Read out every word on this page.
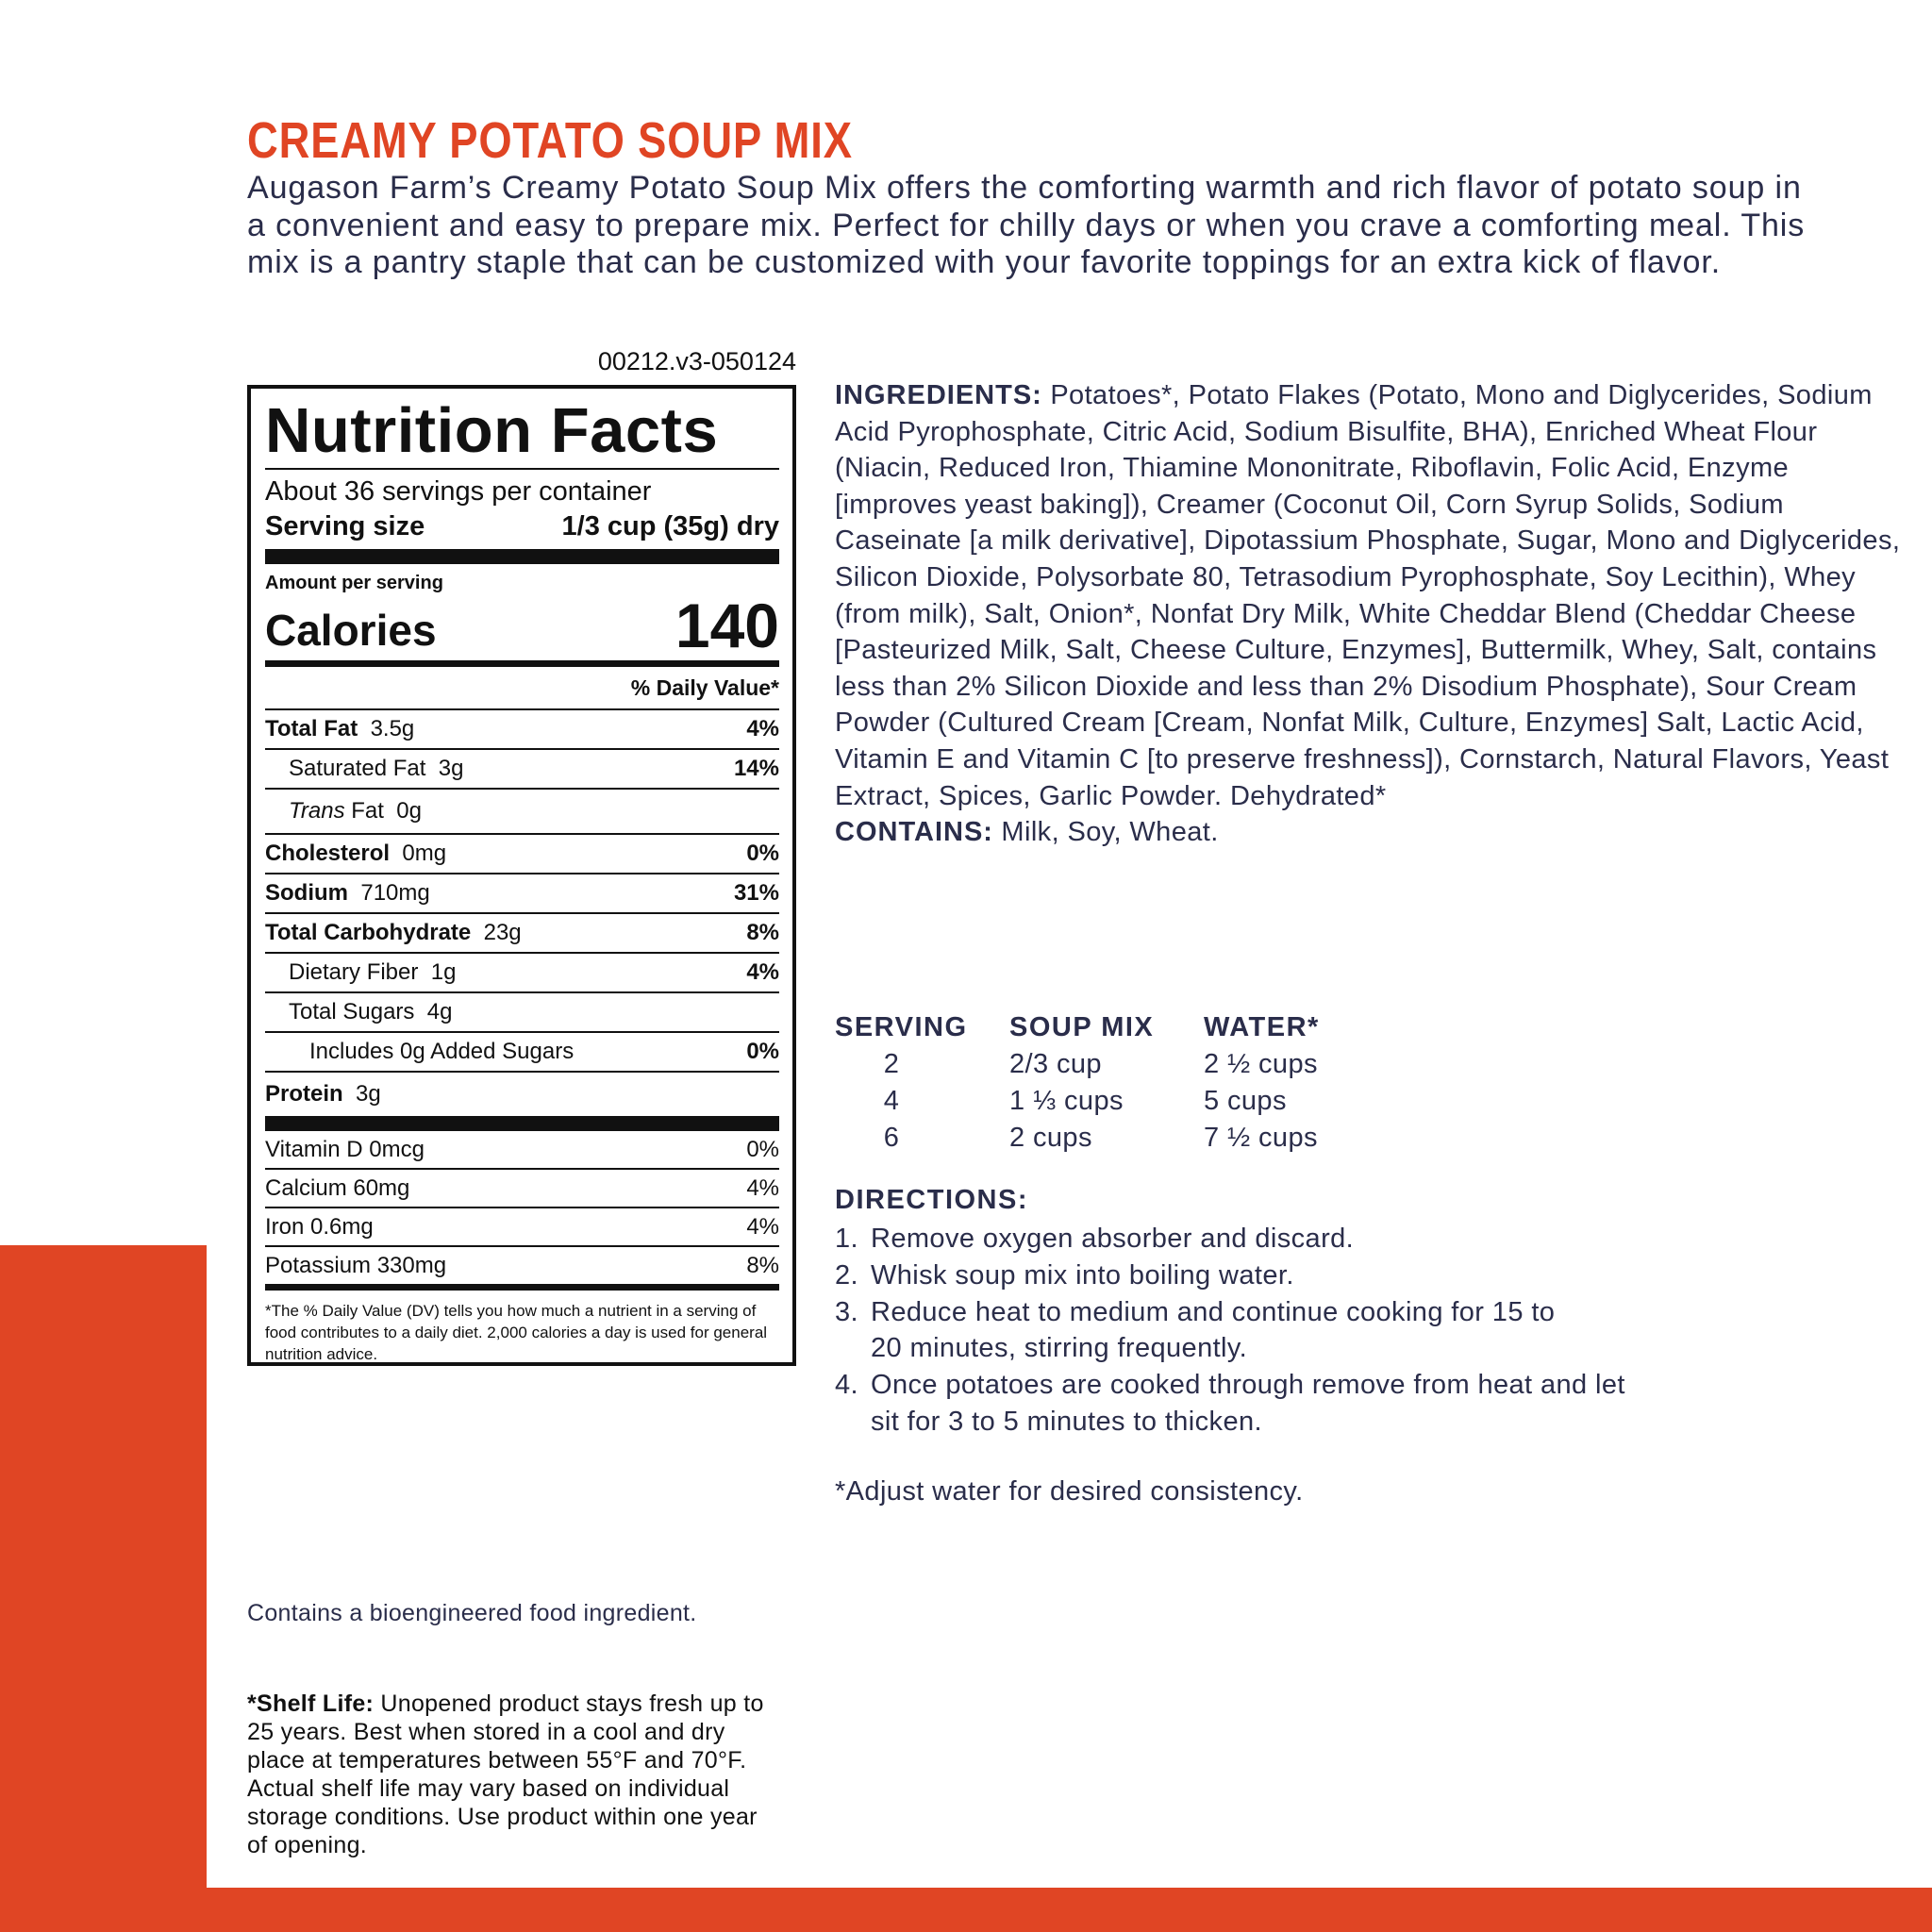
CREAMY POTATO SOUP MIX

Augason Farm’s Creamy Potato Soup Mix offers the comforting warmth and rich flavor of potato soup in a convenient and easy to prepare mix. Perfect for chilly days or when you crave a comforting meal. This mix is a pantry staple that can be customized with your favorite toppings for an extra kick of flavor.

00212.v3-050124
Nutrition Facts
About 36 servings per container
Serving size	1/3 cup (35g) dry
Amount per serving
Calories	140
% Daily Value*
Total Fat 3.5g	4%
Saturated Fat 3g	14%
Trans Fat 0g
Cholesterol 0mg	0%
Sodium 710mg	31%
Total Carbohydrate 23g	8%
Dietary Fiber 1g	4%
Total Sugars 4g
Includes 0g Added Sugars	0%
Protein 3g
Vitamin D 0mcg	0%
Calcium 60mg	4%
Iron 0.6mg	4%
Potassium 330mg	8%
*The % Daily Value (DV) tells you how much a nutrient in a serving of food contributes to a daily diet. 2,000 calories a day is used for general nutrition advice.

INGREDIENTS: Potatoes*, Potato Flakes (Potato, Mono and Diglycerides, Sodium Acid Pyrophosphate, Citric Acid, Sodium Bisulfite, BHA), Enriched Wheat Flour (Niacin, Reduced Iron, Thiamine Mononitrate, Riboflavin, Folic Acid, Enzyme [improves yeast baking]), Creamer (Coconut Oil, Corn Syrup Solids, Sodium Caseinate [a milk derivative], Dipotassium Phosphate, Sugar, Mono and Diglycerides, Silicon Dioxide, Polysorbate 80, Tetrasodium Pyrophosphate, Soy Lecithin), Whey (from milk), Salt, Onion*, Nonfat Dry Milk, White Cheddar Blend (Cheddar Cheese [Pasteurized Milk, Salt, Cheese Culture, Enzymes], Buttermilk, Whey, Salt, contains less than 2% Silicon Dioxide and less than 2% Disodium Phosphate), Sour Cream Powder (Cultured Cream [Cream, Nonfat Milk, Culture, Enzymes] Salt, Lactic Acid, Vitamin E and Vitamin C [to preserve freshness]), Cornstarch, Natural Flavors, Yeast Extract, Spices, Garlic Powder. Dehydrated*
CONTAINS: Milk, Soy, Wheat.

SERVING	SOUP MIX	WATER*
2	2/3 cup	2 ½ cups
4	1 ⅓ cups	5 cups
6	2 cups	7 ½ cups
DIRECTIONS:
1. Remove oxygen absorber and discard.
2. Whisk soup mix into boiling water.
3. Reduce heat to medium and continue cooking for 15 to 20 minutes, stirring frequently.
4. Once potatoes are cooked through remove from heat and let sit for 3 to 5 minutes to thicken.
*Adjust water for desired consistency.
Contains a bioengineered food ingredient.

*Shelf Life: Unopened product stays fresh up to 25 years. Best when stored in a cool and dry place at temperatures between 55°F and 70°F. Actual shelf life may vary based on individual storage conditions. Use product within one year of opening.
